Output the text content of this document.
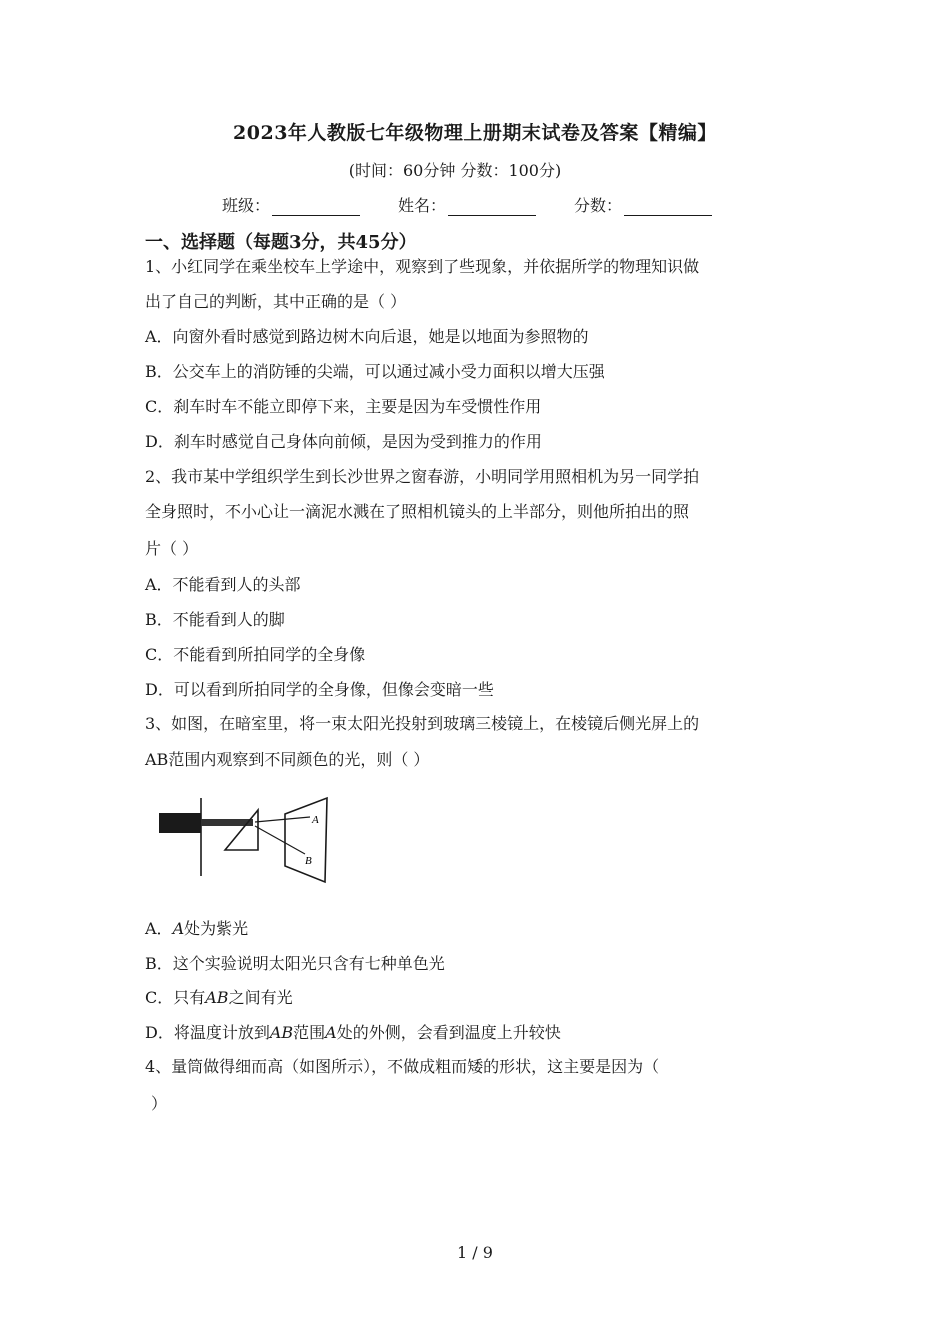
2023年人教版七年级物理上册期末试卷及答案【精编】
(时间：60分钟 分数：100分)
班级：	姓名：	分数：
一、选择题（每题3分，共45分）
1、小红同学在乘坐校车上学途中，观察到了些现象，并依据所学的物理知识做
出了自己的判断，其中正确的是（ ）
A．向窗外看时感觉到路边树木向后退，她是以地面为参照物的
B．公交车上的消防锤的尖端，可以通过减小受力面积以增大压强
C．刹车时车不能立即停下来，主要是因为车受惯性作用
D．刹车时感觉自己身体向前倾，是因为受到推力的作用
2、我市某中学组织学生到长沙世界之窗春游，小明同学用照相机为另一同学拍
全身照时，不小心让一滴泥水溅在了照相机镜头的上半部分，则他所拍出的照
片（ ）
A．不能看到人的头部
B．不能看到人的脚
C．不能看到所拍同学的全身像
D．可以看到所拍同学的全身像，但像会变暗一些
3、如图，在暗室里，将一束太阳光投射到玻璃三棱镜上，在棱镜后侧光屏上的
AB范围内观察到不同颜色的光，则（ ）
A
B
A．A处为紫光
B．这个实验说明太阳光只含有七种单色光
C．只有AB之间有光
D．将温度计放到AB范围A处的外侧，会看到温度上升较快
4、量筒做得细而高（如图所示），不做成粗而矮的形状，这主要是因为（
）
1 / 9
